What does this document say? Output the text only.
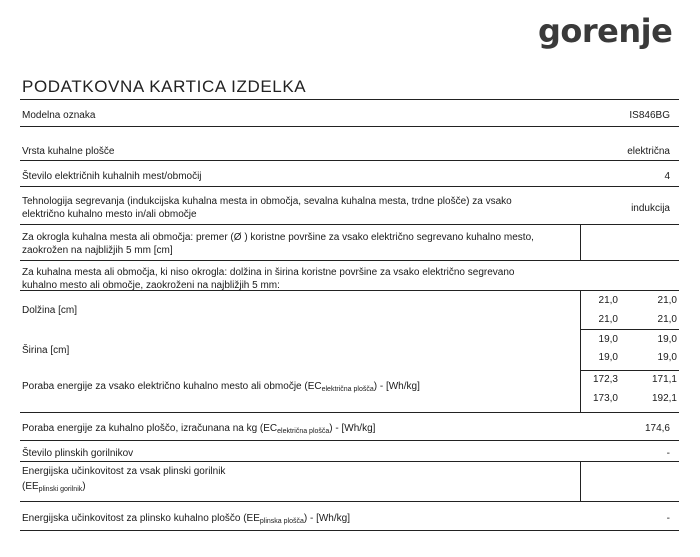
gorenje
PODATKOVNA KARTICA IZDELKA
Modelna oznaka	IS846BG
Vrsta kuhalne plošče	električna
Število električnih kuhalnih mest/območij	4
Tehnologija segrevanja (indukcijska kuhalna mesta in območja, sevalna kuhalna mesta, trdne plošče) za vsako
električno kuhalno mesto in/ali območje
indukcija
Za okrogla kuhalna mesta ali območja: premer (Ø ) koristne površine za vsako električno segrevano kuhalno mesto,
zaokrožen na najbližjih 5 mm [cm]
Za kuhalna mesta ali območja, ki niso okrogla: dolžina in širina koristne površine za vsako električno segrevano
kuhalno mesto ali območje, zaokroženi na najbližjih 5 mm:
Dolžina [cm]
21,0	21,0
21,0	21,0
Širina [cm]
19,0	19,0
19,0	19,0
Poraba energije za vsako električno kuhalno mesto ali območje $(EC_{električna plošča}) - [Wh/kg]$
172,3	171,1
173,0	192,1
Poraba energije za kuhalno ploščo, izračunana na kg $(EC_{električna plošča}) - [Wh/kg]$	174,6
Število plinskih gorilnikov	-
Energijska učinkovitost za vsak plinski gorilnik
$(EE_{plinski gorilnik})$
Energijska učinkovitost za plinsko kuhalno ploščo $(EE_{plinska plošča}) - [Wh/kg]$	-
